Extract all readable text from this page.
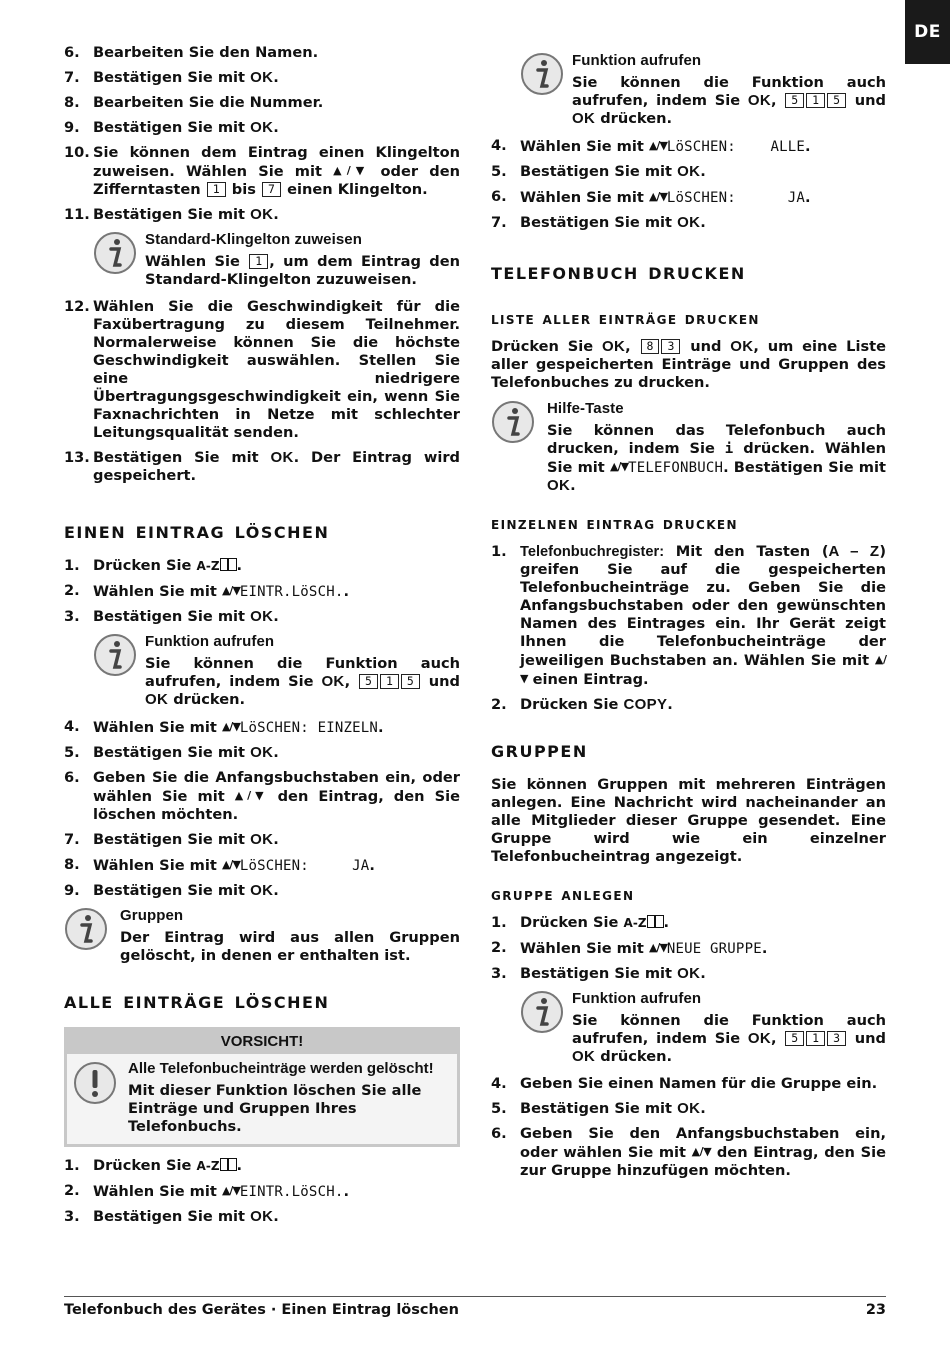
DE
6. Bearbeiten Sie den Namen.
7. Bestätigen Sie mit OK.
8. Bearbeiten Sie die Nummer.
9. Bestätigen Sie mit OK.
10. Sie können dem Eintrag einen Klingelton zuweisen. Wählen Sie mit ▲/▼ oder den Zifferntasten 1 bis 7 einen Klingelton.
11. Bestätigen Sie mit OK.
Standard-Klingelton zuweisen
Wählen Sie 1 , um dem Eintrag den Standard-Klingelton zuzuweisen.
12. Wählen Sie die Geschwindigkeit für die Faxübertragung zu diesem Teilnehmer. Normalerweise können Sie die höchste Geschwindigkeit auswählen. Stellen Sie eine niedrigere Übertragungsgeschwindigkeit ein, wenn Sie Faxnachrichten in Netze mit schlechter Leitungsqualität senden.
13. Bestätigen Sie mit OK. Der Eintrag wird gespeichert.
einen eintrag löschen
1. Drücken Sie A-Z .
2. Wählen Sie mit ▲/▼EINTR.LöSCH..
3. Bestätigen Sie mit OK.
Funktion aufrufen
Sie können die Funktion auch aufrufen, indem Sie OK, 5 1 5 und OK drücken.
4. Wählen Sie mit ▲/▼LöSCHEN: EINZELN.
5. Bestätigen Sie mit OK.
6. Geben Sie die Anfangsbuchstaben ein, oder wählen Sie mit ▲/▼ den Eintrag, den Sie löschen möchten.
7. Bestätigen Sie mit OK.
8. Wählen Sie mit ▲/▼LöSCHEN:     JA.
9. Bestätigen Sie mit OK.
Gruppen
Der Eintrag wird aus allen Gruppen gelöscht, in denen er enthalten ist.
alle einträge löschen
VORSICHT!
Alle Telefonbucheinträge werden gelöscht!
Mit dieser Funktion löschen Sie alle Einträge und Gruppen Ihres Telefonbuchs.
1. Drücken Sie A-Z .
2. Wählen Sie mit ▲/▼EINTR.LöSCH..
3. Bestätigen Sie mit OK.
Funktion aufrufen
Sie können die Funktion auch aufrufen, indem Sie OK, 5 1 5 und OK drücken.
4. Wählen Sie mit ▲/▼LöSCHEN:    ALLE.
5. Bestätigen Sie mit OK.
6. Wählen Sie mit ▲/▼LöSCHEN:      JA.
7. Bestätigen Sie mit OK.
telefonbuch drucken
liste aller einträge drucken
Drücken Sie OK, 8 3 und OK, um eine Liste aller gespeicherten Einträge und Gruppen des Telefonbuches zu drucken.
Hilfe-Taste
Sie können das Telefonbuch auch drucken, indem Sie i drücken. Wählen Sie mit ▲/▼TELEFONBUCH. Bestätigen Sie mit OK.
einzelnen eintrag drucken
1. Telefonbuchregister: Mit den Tasten (A – Z) greifen Sie auf die gespeicherten Telefonbucheinträge zu. Geben Sie die Anfangsbuchstaben oder den gewünschten Namen des Eintrages ein. Ihr Gerät zeigt Ihnen die Telefonbucheinträge der jeweiligen Buchstaben an. Wählen Sie mit ▲/▼ einen Eintrag.
2. Drücken Sie COPY.
gruppen
Sie können Gruppen mit mehreren Einträgen anlegen. Eine Nachricht wird nacheinander an alle Mitglieder dieser Gruppe gesendet. Eine Gruppe wird wie ein einzelner Telefonbucheintrag angezeigt.
gruppe anlegen
1. Drücken Sie A-Z .
2. Wählen Sie mit ▲/▼NEUE GRUPPE.
3. Bestätigen Sie mit OK.
Funktion aufrufen
Sie können die Funktion auch aufrufen, indem Sie OK, 5 1 3 und OK drücken.
4. Geben Sie einen Namen für die Gruppe ein.
5. Bestätigen Sie mit OK.
6. Geben Sie den Anfangsbuchstaben ein, oder wählen Sie mit ▲/▼ den Eintrag, den Sie zur Gruppe hinzufügen möchten.
Telefonbuch des Gerätes · Einen Eintrag löschen	23
